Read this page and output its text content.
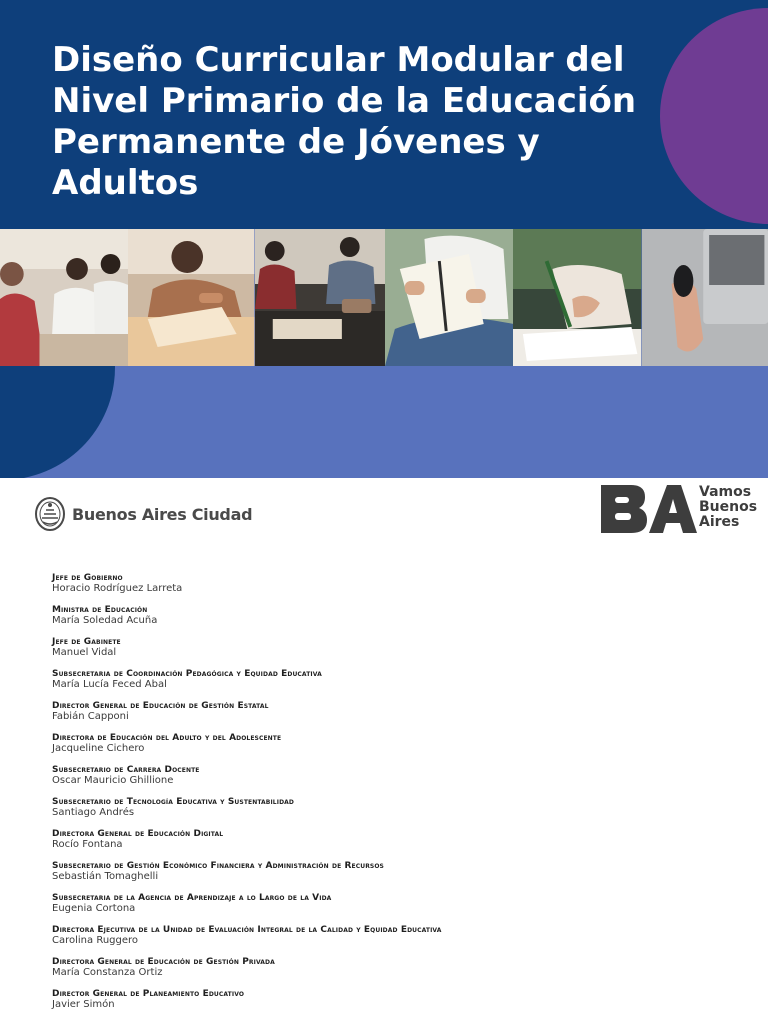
Diseño Curricular Modular del Nivel Primario de la Educación Permanente de Jóvenes y Adultos
Buenos Aires Ciudad
Vamos
Buenos
Aires
Jefe de Gobierno
Horacio Rodríguez Larreta
Ministra de Educación
María Soledad Acuña
Jefe de Gabinete
Manuel Vidal
Subsecretaria de Coordinación Pedagógica y Equidad Educativa
María Lucía Feced Abal
Director General de Educación de Gestión Estatal
Fabián Capponi
Directora de Educación del Adulto y del Adolescente
Jacqueline Cichero
Subsecretario de Carrera Docente
Oscar Mauricio Ghillione
Subsecretario de Tecnología Educativa y Sustentabilidad
Santiago Andrés
Directora General de Educación Digital
Rocío Fontana
Subsecretario de Gestión Económico Financiera y Administración de Recursos
Sebastián Tomaghelli
Subsecretaria de la Agencia de Aprendizaje a lo Largo de la Vida
Eugenia Cortona
Directora Ejecutiva de la Unidad de Evaluación Integral de la Calidad y Equidad Educativa
Carolina Ruggero
Directora General de Educación de Gestión Privada
María Constanza Ortiz
Director General de Planeamiento Educativo
Javier Simón
